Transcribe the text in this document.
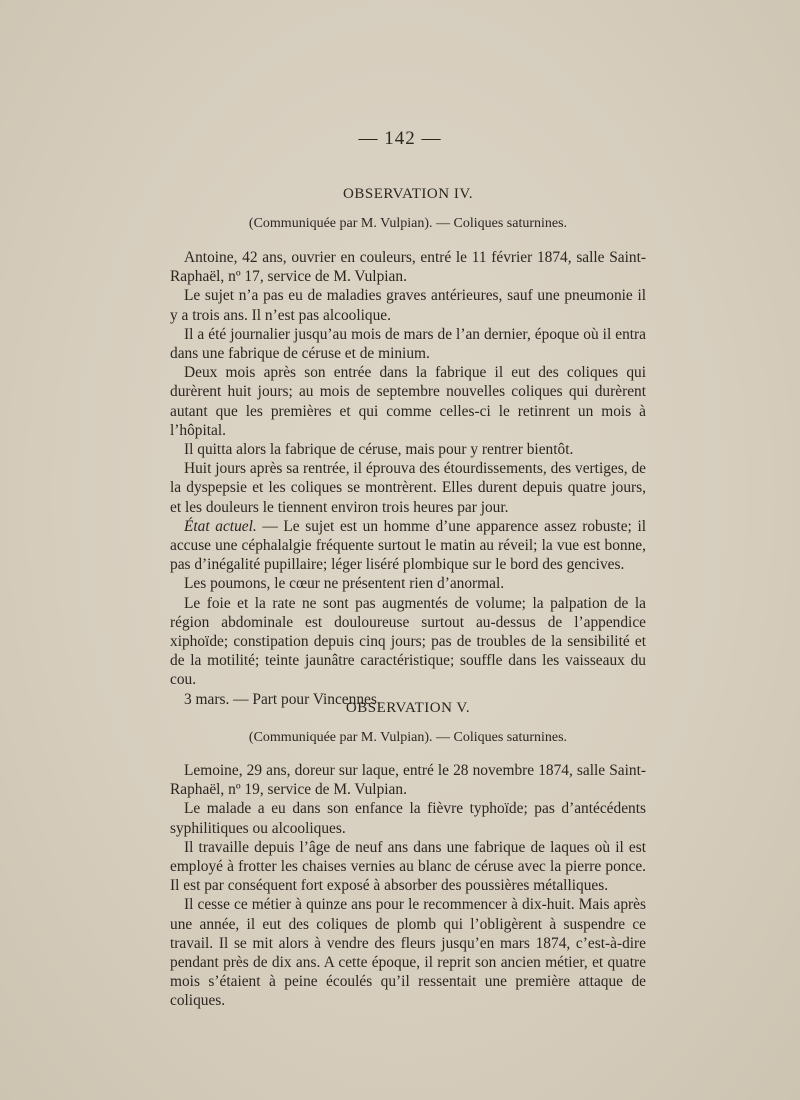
— 142 —
OBSERVATION IV.
(Communiquée par M. Vulpian). — Coliques saturnines.

Antoine, 42 ans, ouvrier en couleurs, entré le 11 février 1874, salle Saint-Raphaël, nº 17, service de M. Vulpian.

Le sujet n’a pas eu de maladies graves antérieures, sauf une pneumonie il y a trois ans. Il n’est pas alcoolique.

Il a été journalier jusqu’au mois de mars de l’an dernier, époque où il entra dans une fabrique de céruse et de minium.

Deux mois après son entrée dans la fabrique il eut des coliques qui durèrent huit jours; au mois de septembre nouvelles coliques qui durèrent autant que les premières et qui comme celles-ci le retinrent un mois à l’hôpital.

Il quitta alors la fabrique de céruse, mais pour y rentrer bientôt.

Huit jours après sa rentrée, il éprouva des étourdissements, des vertiges, de la dyspepsie et les coliques se montrèrent. Elles durent depuis quatre jours, et les douleurs le tiennent environ trois heures par jour.

État actuel. — Le sujet est un homme d’une apparence assez robuste; il accuse une céphalalgie fréquente surtout le matin au réveil; la vue est bonne, pas d’inégalité pupillaire; léger liséré plombique sur le bord des gencives.

Les poumons, le cœur ne présentent rien d’anormal.

Le foie et la rate ne sont pas augmentés de volume; la palpation de la région abdominale est douloureuse surtout au-dessus de l’appendice xiphoïde; constipation depuis cinq jours; pas de troubles de la sensibilité et de la motilité; teinte jaunâtre caractéristique; souffle dans les vaisseaux du cou.

3 mars. — Part pour Vincennes.

OBSERVATION V.
(Communiquée par M. Vulpian). — Coliques saturnines.

Lemoine, 29 ans, doreur sur laque, entré le 28 novembre 1874, salle Saint-Raphaël, nº 19, service de M. Vulpian.

Le malade a eu dans son enfance la fièvre typhoïde; pas d’antécédents syphilitiques ou alcooliques.

Il travaille depuis l’âge de neuf ans dans une fabrique de laques où il est employé à frotter les chaises vernies au blanc de céruse avec la pierre ponce. Il est par conséquent fort exposé à absorber des poussières métalliques.

Il cesse ce métier à quinze ans pour le recommencer à dix-huit. Mais après une année, il eut des coliques de plomb qui l’obligèrent à suspendre ce travail. Il se mit alors à vendre des fleurs jusqu’en mars 1874, c’est-à-dire pendant près de dix ans. A cette époque, il reprit son ancien métier, et quatre mois s’étaient à peine écoulés qu’il ressentait une première attaque de coliques.
